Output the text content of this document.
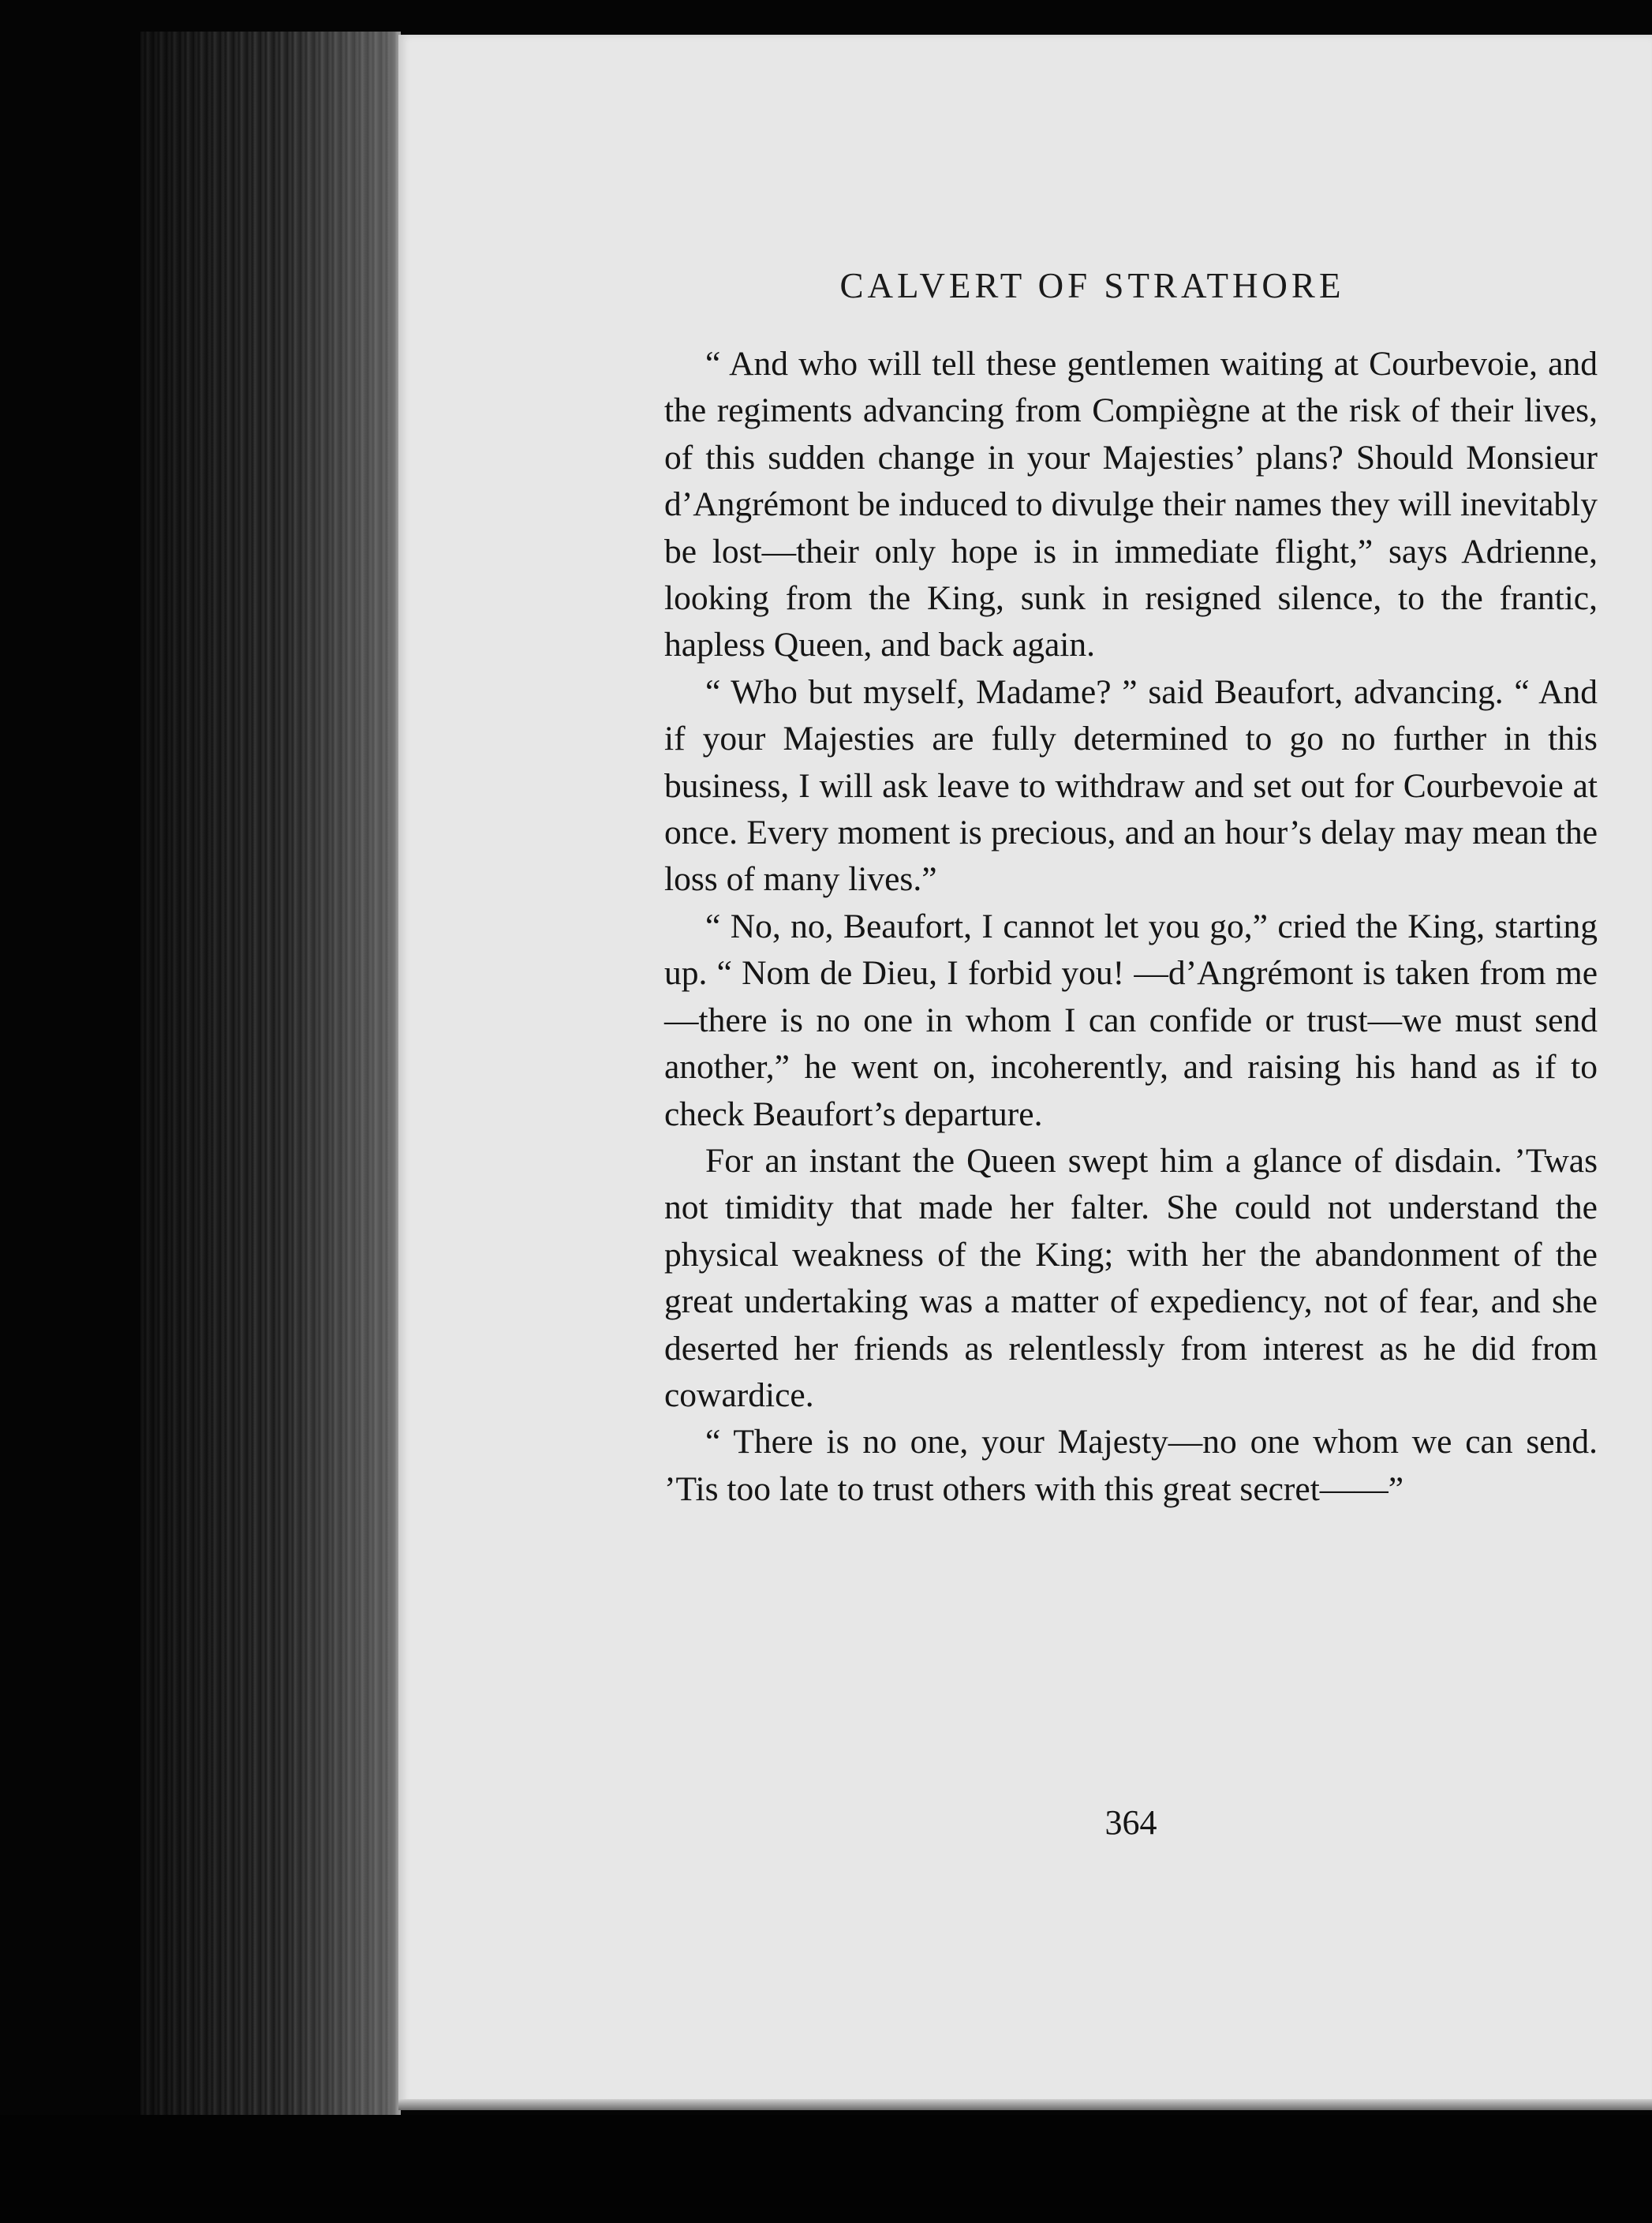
CALVERT OF STRATHORE

“ And who will tell these gentlemen waiting at Courbevoie, and the regiments advancing from Compiègne at the risk of their lives, of this sudden change in your Majesties’ plans? Should Monsieur d’Angrémont be induced to divulge their names they will inevitably be lost—their only hope is in immediate flight,” says Adrienne, looking from the King, sunk in resigned silence, to the frantic, hapless Queen, and back again.

“ Who but myself, Madame? ” said Beaufort, advancing. “ And if your Majesties are fully determined to go no further in this business, I will ask leave to withdraw and set out for Courbevoie at once. Every moment is precious, and an hour’s delay may mean the loss of many lives.”

“ No, no, Beaufort, I cannot let you go,” cried the King, starting up. “ Nom de Dieu, I forbid you! —d’Angrémont is taken from me—there is no one in whom I can confide or trust—we must send another,” he went on, incoherently, and raising his hand as if to check Beaufort’s departure.

For an instant the Queen swept him a glance of disdain. ’Twas not timidity that made her falter. She could not understand the physical weakness of the King; with her the abandonment of the great undertaking was a matter of expediency, not of fear, and she deserted her friends as relentlessly from interest as he did from cowardice.

“ There is no one, your Majesty—no one whom we can send. ’Tis too late to trust others with this great secret——”

364
